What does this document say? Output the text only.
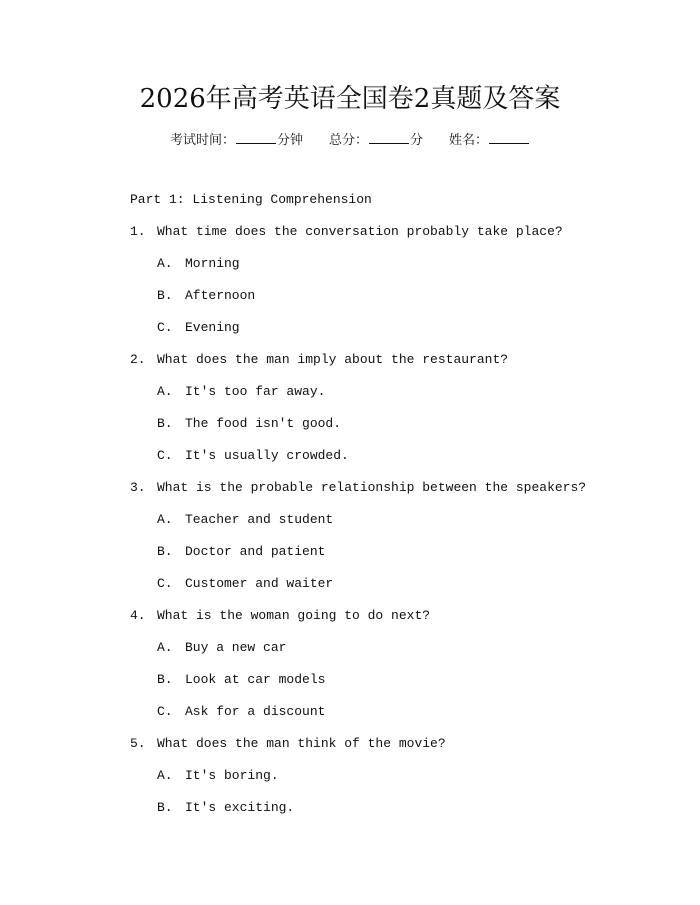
2026年高考英语全国卷2真题及答案
考试时间：	分钟 总分：	分 姓名：
Part 1: Listening Comprehension
1. What time does the conversation probably take place?
A. Morning
B. Afternoon
C. Evening
2. What does the man imply about the restaurant?
A. It's too far away.
B. The food isn't good.
C. It's usually crowded.
3. What is the probable relationship between the speakers?
A. Teacher and student
B. Doctor and patient
C. Customer and waiter
4. What is the woman going to do next?
A. Buy a new car
B. Look at car models
C. Ask for a discount
5. What does the man think of the movie?
A. It's boring.
B. It's exciting.
